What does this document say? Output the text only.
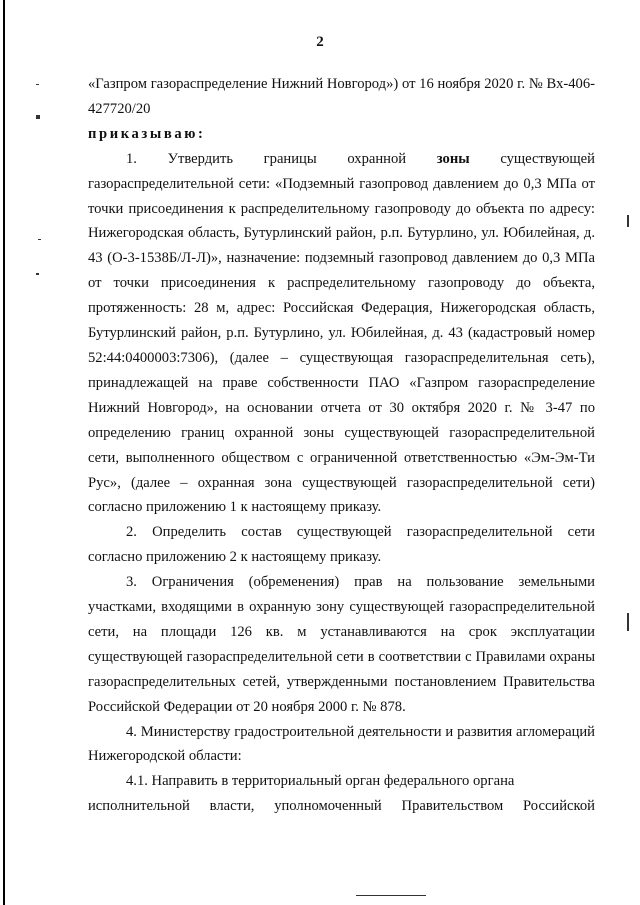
2

«Газпром газораспределение Нижний Новгород») от 16 ноября 2020 г. № Вх-406-427720/20

приказываю:

1. Утвердить границы охранной зоны существующей

газораспределительной сети: «Подземный газопровод давлением до 0,3 МПа от точки присоединения к распределительному газопроводу до объекта по адресу: Нижегородская область, Бутурлинский район, р.п. Бутурлино, ул. Юбилейная, д. 43 (О-3-1538Б/Л-Л)», назначение: подземный газопровод давлением до 0,3 МПа от точки присоединения к распределительному газопроводу до объекта, протяженность: 28 м, адрес: Российская Федерация, Нижегородская область, Бутурлинский район, р.п. Бутурлино, ул. Юбилейная, д. 43 (кадастровый номер 52:44:0400003:7306), (далее – существующая газораспределительная сеть), принадлежащей на праве собственности ПАО «Газпром газораспределение Нижний Новгород», на основании отчета от 30 октября 2020 г. № 3-47 по определению границ охранной зоны существующей газораспределительной сети, выполненного обществом с ограниченной ответственностью «Эм-Эм-Ти Рус», (далее – охранная зона существующей газораспределительной сети) согласно приложению 1 к настоящему приказу.

2. Определить состав существующей газораспределительной сети согласно приложению 2 к настоящему приказу.

3. Ограничения (обременения) прав на пользование земельными участками, входящими в охранную зону существующей газораспределительной сети, на площади 126 кв. м устанавливаются на срок эксплуатации существующей газораспределительной сети в соответствии с Правилами охраны газораспределительных сетей, утвержденными постановлением Правительства Российской Федерации от 20 ноября 2000 г. № 878.

4. Министерству градостроительной деятельности и развития агломераций Нижегородской области:

4.1. Направить в территориальный орган федерального органа

исполнительной власти, уполномоченный Правительством Российской
